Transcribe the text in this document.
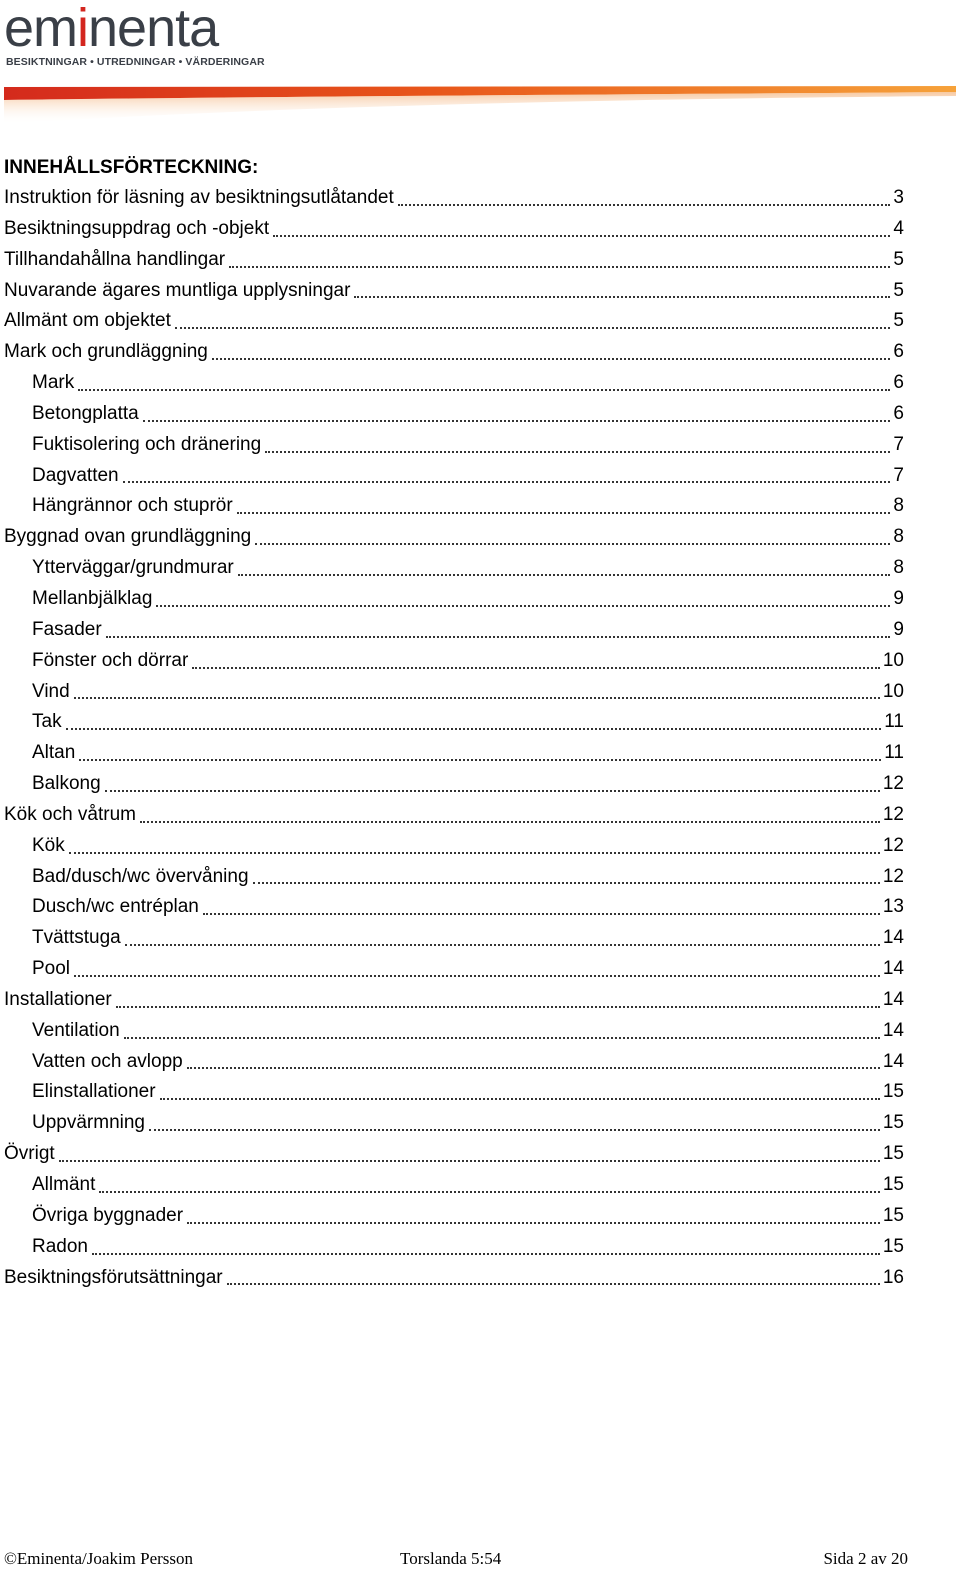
eminenta
BESIKTNINGAR • UTREDNINGAR • VÄRDERINGAR
INNEHÅLLSFÖRTECKNING:
Instruktion för läsning av besiktningsutlåtandet	3
Besiktningsuppdrag och -objekt	4
Tillhandahållna handlingar	5
Nuvarande ägares muntliga upplysningar	5
Allmänt om objektet	5
Mark och grundläggning	6
Mark	6
Betongplatta	6
Fuktisolering och dränering	7
Dagvatten	7
Hängrännor och stuprör	8
Byggnad ovan grundläggning	8
Ytterväggar/grundmurar	8
Mellanbjälklag	9
Fasader	9
Fönster och dörrar	10
Vind	10
Tak	11
Altan	11
Balkong	12
Kök och våtrum	12
Kök	12
Bad/dusch/wc övervåning	12
Dusch/wc entréplan	13
Tvättstuga	14
Pool	14
Installationer	14
Ventilation	14
Vatten och avlopp	14
Elinstallationer	15
Uppvärmning	15
Övrigt	15
Allmänt	15
Övriga byggnader	15
Radon	15
Besiktningsförutsättningar	16
©Eminenta/Joakim Persson	Torslanda 5:54	Sida 2 av 20
